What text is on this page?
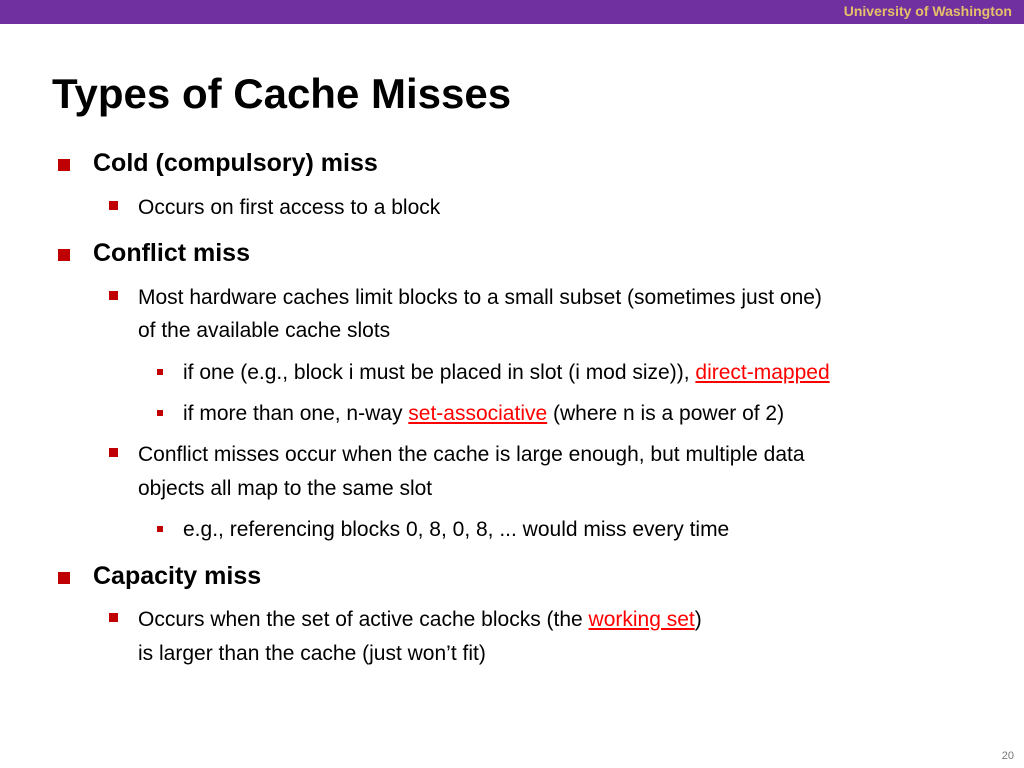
University of Washington
Types of Cache Misses
Cold (compulsory) miss
Occurs on first access to a block
Conflict miss
Most hardware caches limit blocks to a small subset (sometimes just one)
of the available cache slots
if one (e.g., block i must be placed in slot (i mod size)), direct-mapped
if more than one, n-way set-associative (where n is a power of 2)
Conflict misses occur when the cache is large enough, but multiple data
objects all map to the same slot
e.g., referencing blocks 0, 8, 0, 8, ... would miss every time
Capacity miss
Occurs when the set of active cache blocks (the working set)
is larger than the cache (just won’t fit)
20
